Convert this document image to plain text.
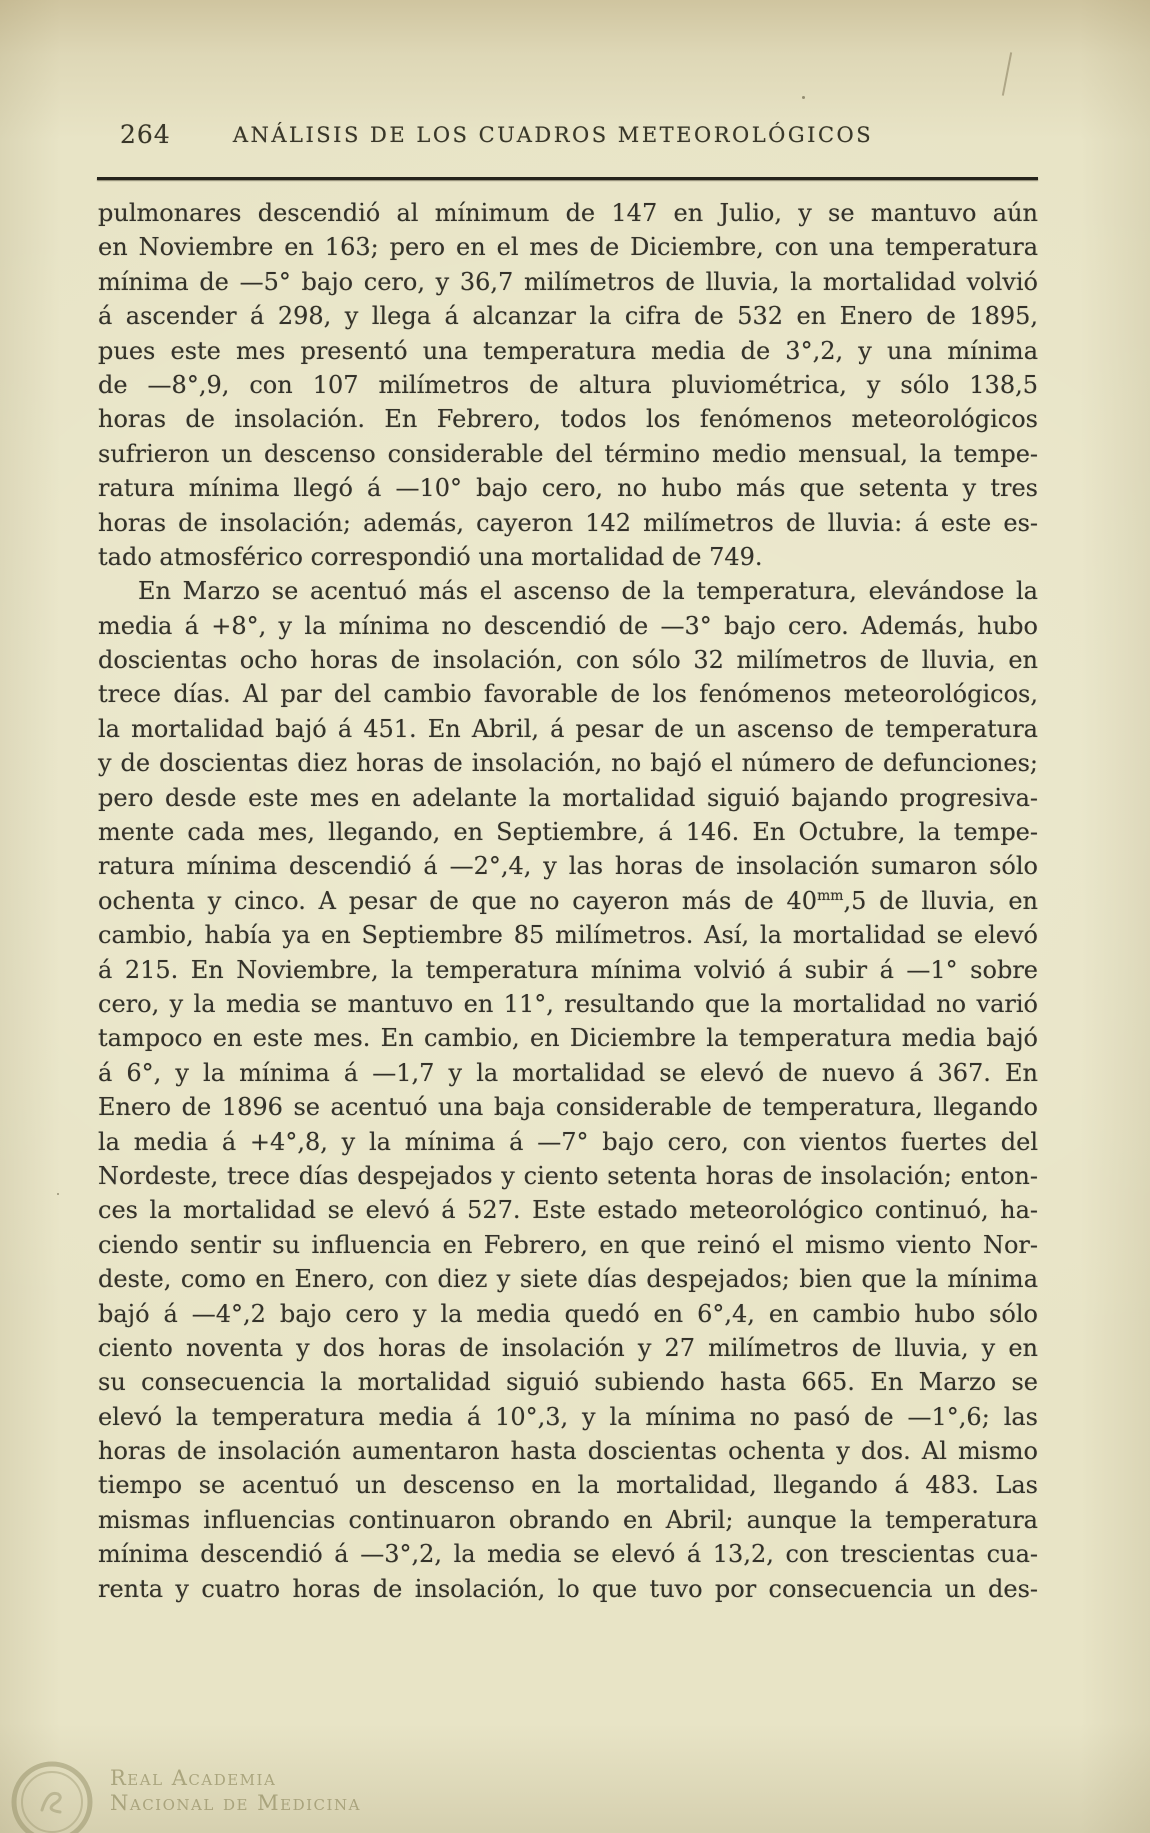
264	ANÁLISIS DE LOS CUADROS METEOROLÓGICOS
pulmonares descendió al mínimum de 147 en Julio, y se mantuvo aún
en Noviembre en 163; pero en el mes de Diciembre, con una temperatura
mínima de —5° bajo cero, y 36,7 milímetros de lluvia, la mortalidad volvió
á ascender á 298, y llega á alcanzar la cifra de 532 en Enero de 1895,
pues este mes presentó una temperatura media de 3°,2, y una mínima
de —8°,9, con 107 milímetros de altura pluviométrica, y sólo 138,5
horas de insolación. En Febrero, todos los fenómenos meteorológicos
sufrieron un descenso considerable del término medio mensual, la tempe-
ratura mínima llegó á —10° bajo cero, no hubo más que setenta y tres
horas de insolación; además, cayeron 142 milímetros de lluvia: á este es-
tado atmosférico correspondió una mortalidad de 749.
En Marzo se acentuó más el ascenso de la temperatura, elevándose la
media á +8°, y la mínima no descendió de —3° bajo cero. Además, hubo
doscientas ocho horas de insolación, con sólo 32 milímetros de lluvia, en
trece días. Al par del cambio favorable de los fenómenos meteorológicos,
la mortalidad bajó á 451. En Abril, á pesar de un ascenso de temperatura
y de doscientas diez horas de insolación, no bajó el número de defunciones;
pero desde este mes en adelante la mortalidad siguió bajando progresiva-
mente cada mes, llegando, en Septiembre, á 146. En Octubre, la tempe-
ratura mínima descendió á —2°,4, y las horas de insolación sumaron sólo
ochenta y cinco. A pesar de que no cayeron más de $40^{mm},5$ de lluvia, en
cambio, había ya en Septiembre 85 milímetros. Así, la mortalidad se elevó
á 215. En Noviembre, la temperatura mínima volvió á subir á —1° sobre
cero, y la media se mantuvo en 11°, resultando que la mortalidad no varió
tampoco en este mes. En cambio, en Diciembre la temperatura media bajó
á 6°, y la mínima á —1,7 y la mortalidad se elevó de nuevo á 367. En
Enero de 1896 se acentuó una baja considerable de temperatura, llegando
la media á +4°,8, y la mínima á —7° bajo cero, con vientos fuertes del
Nordeste, trece días despejados y ciento setenta horas de insolación; enton-
ces la mortalidad se elevó á 527. Este estado meteorológico continuó, ha-
ciendo sentir su influencia en Febrero, en que reinó el mismo viento Nor-
deste, como en Enero, con diez y siete días despejados; bien que la mínima
bajó á —4°,2 bajo cero y la media quedó en 6°,4, en cambio hubo sólo
ciento noventa y dos horas de insolación y 27 milímetros de lluvia, y en
su consecuencia la mortalidad siguió subiendo hasta 665. En Marzo se
elevó la temperatura media á 10°,3, y la mínima no pasó de —1°,6; las
horas de insolación aumentaron hasta doscientas ochenta y dos. Al mismo
tiempo se acentuó un descenso en la mortalidad, llegando á 483. Las
mismas influencias continuaron obrando en Abril; aunque la temperatura
mínima descendió á —3°,2, la media se elevó á 13,2, con trescientas cua-
renta y cuatro horas de insolación, lo que tuvo por consecuencia un des-
Real Academia
Nacional de Medicina
